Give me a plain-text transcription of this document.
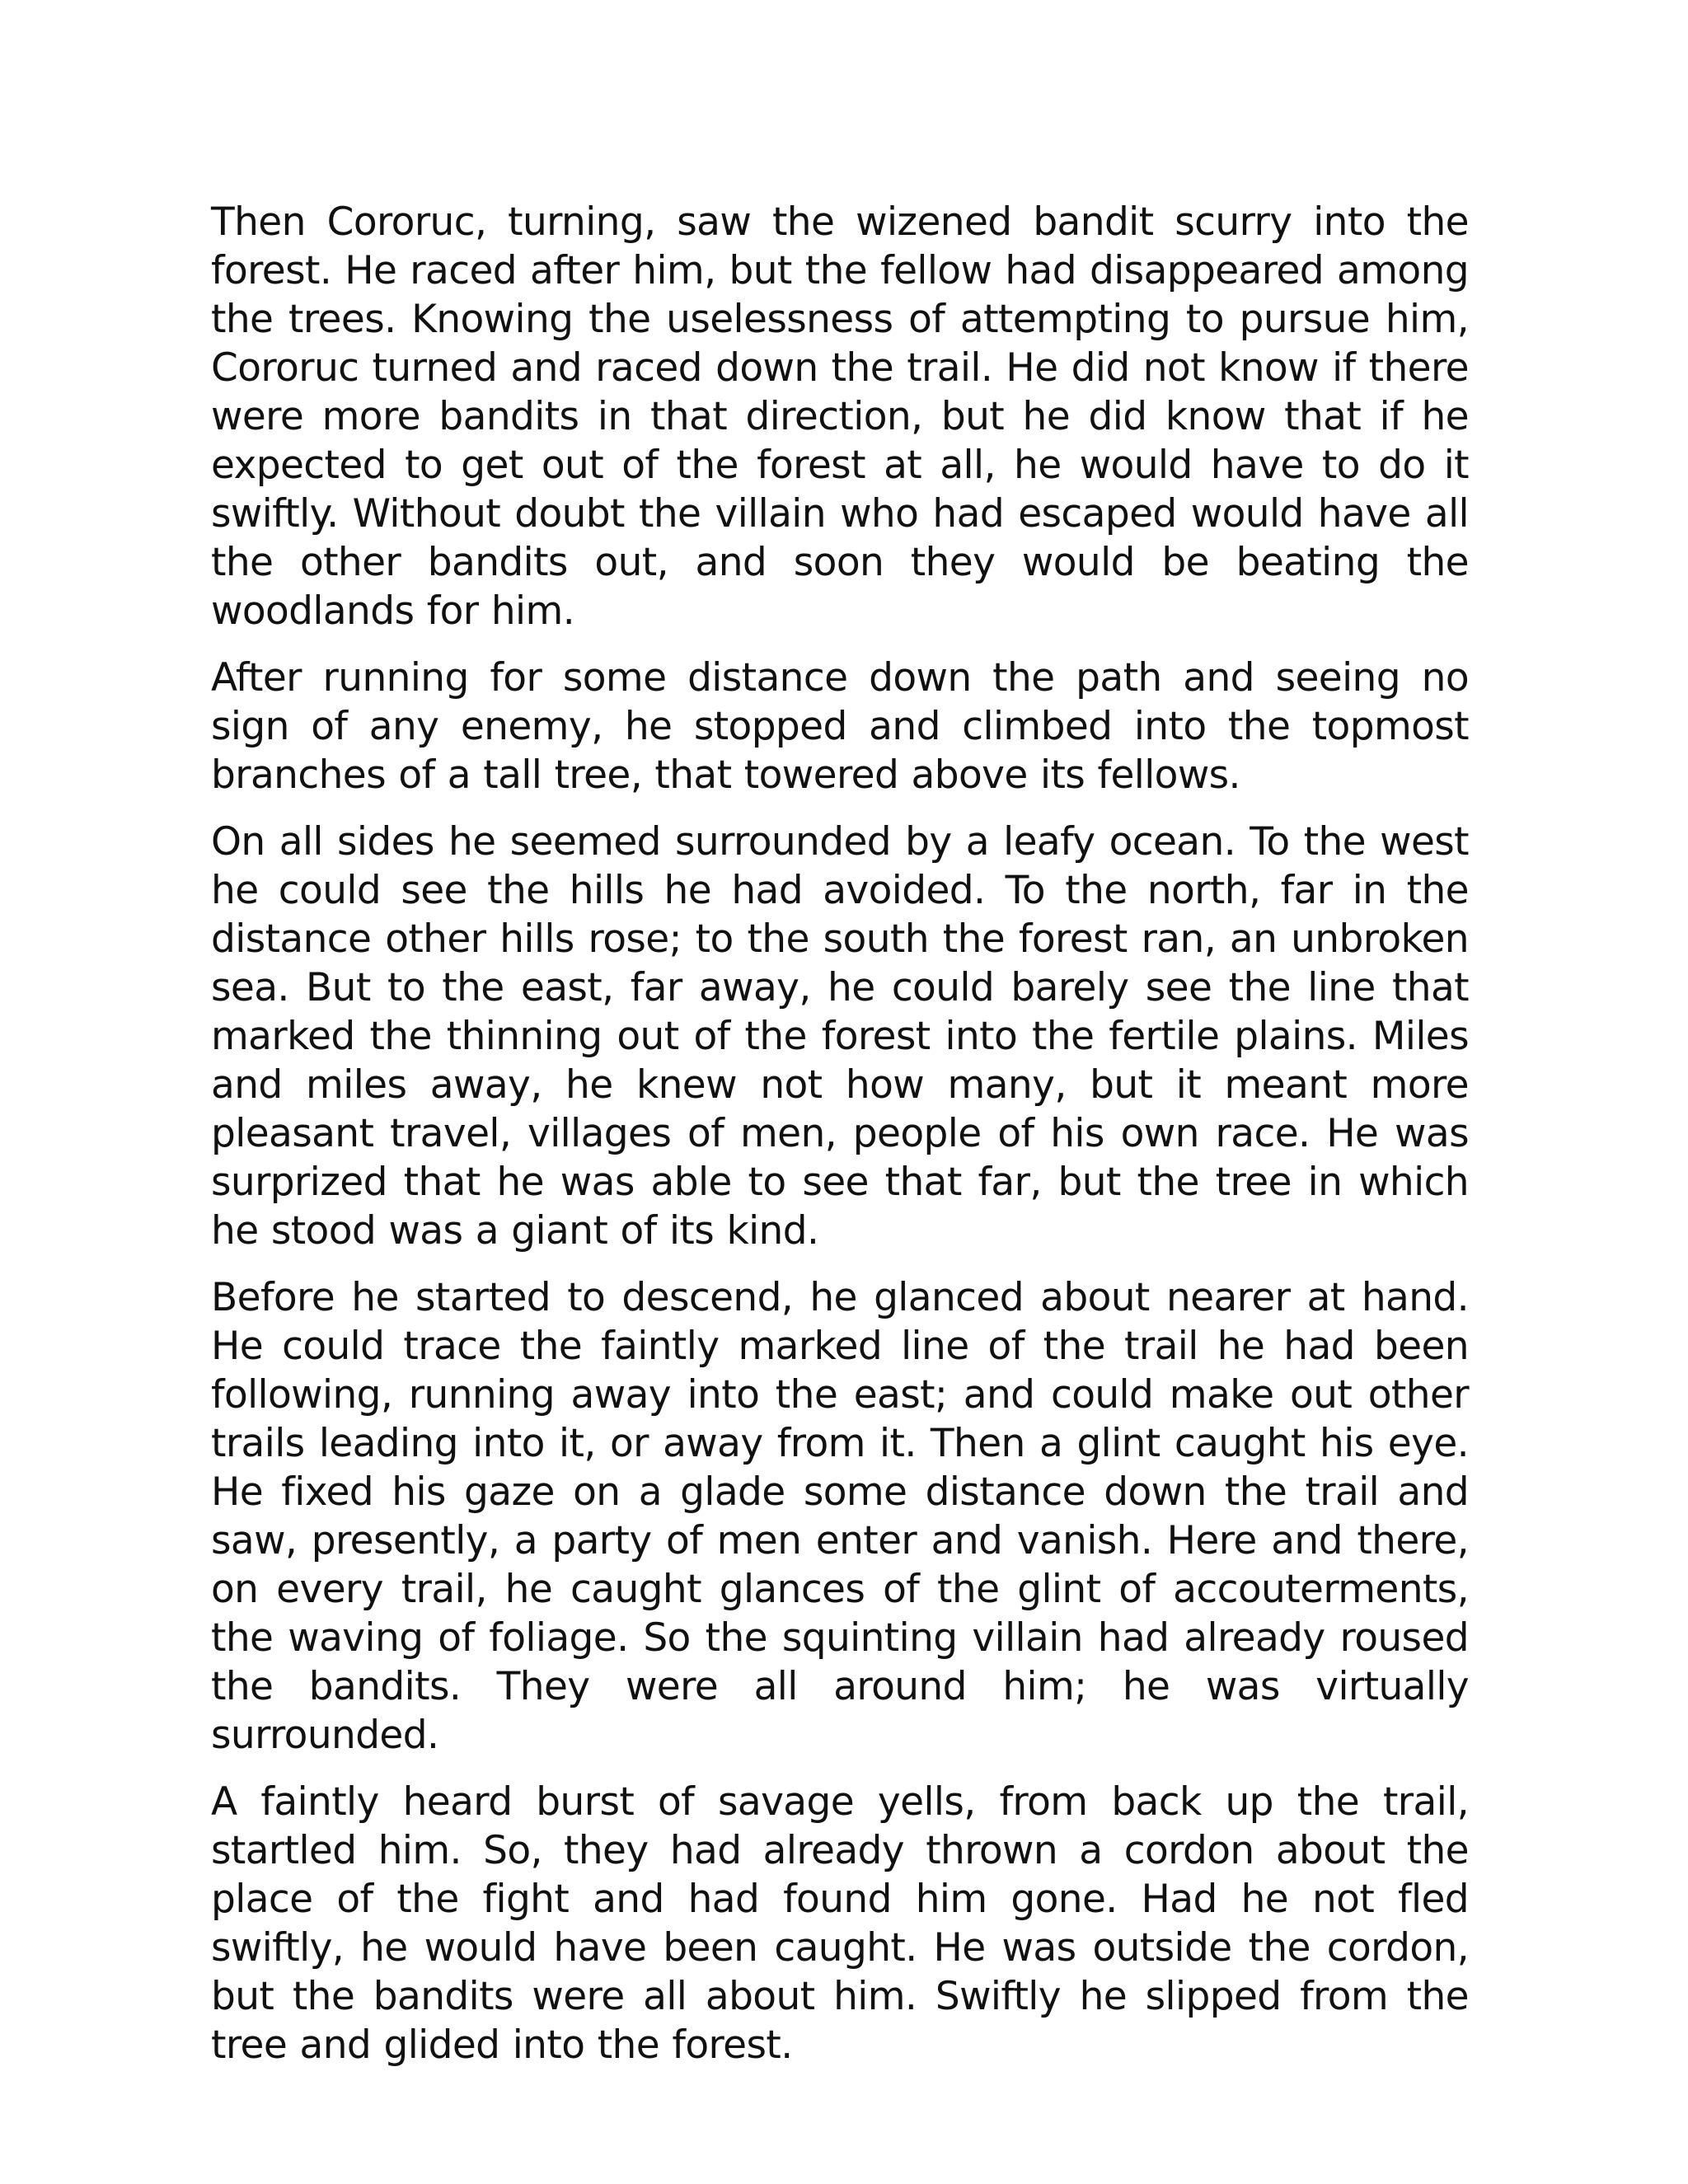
Then Cororuc, turning, saw the wizened bandit scurry into the forest. He raced after him, but the fellow had disappeared among the trees. Knowing the uselessness of attempting to pursue him, Cororuc turned and raced down the trail. He did not know if there were more bandits in that direction, but he did know that if he expected to get out of the forest at all, he would have to do it swiftly. Without doubt the villain who had escaped would have all the other bandits out, and soon they would be beating the woodlands for him.

After running for some distance down the path and seeing no sign of any enemy, he stopped and climbed into the topmost branches of a tall tree, that towered above its fellows.

On all sides he seemed surrounded by a leafy ocean. To the west he could see the hills he had avoided. To the north, far in the distance other hills rose; to the south the forest ran, an unbroken sea. But to the east, far away, he could barely see the line that marked the thinning out of the forest into the fertile plains. Miles and miles away, he knew not how many, but it meant more pleasant travel, villages of men, people of his own race. He was surprized that he was able to see that far, but the tree in which he stood was a giant of its kind.

Before he started to descend, he glanced about nearer at hand. He could trace the faintly marked line of the trail he had been following, running away into the east; and could make out other trails leading into it, or away from it. Then a glint caught his eye. He fixed his gaze on a glade some distance down the trail and saw, presently, a party of men enter and vanish. Here and there, on every trail, he caught glances of the glint of accouterments, the waving of foliage. So the squinting villain had already roused the bandits. They were all around him; he was virtually surrounded.

A faintly heard burst of savage yells, from back up the trail, startled him. So, they had already thrown a cordon about the place of the fight and had found him gone. Had he not fled swiftly, he would have been caught. He was outside the cordon, but the bandits were all about him. Swiftly he slipped from the tree and glided into the forest.
